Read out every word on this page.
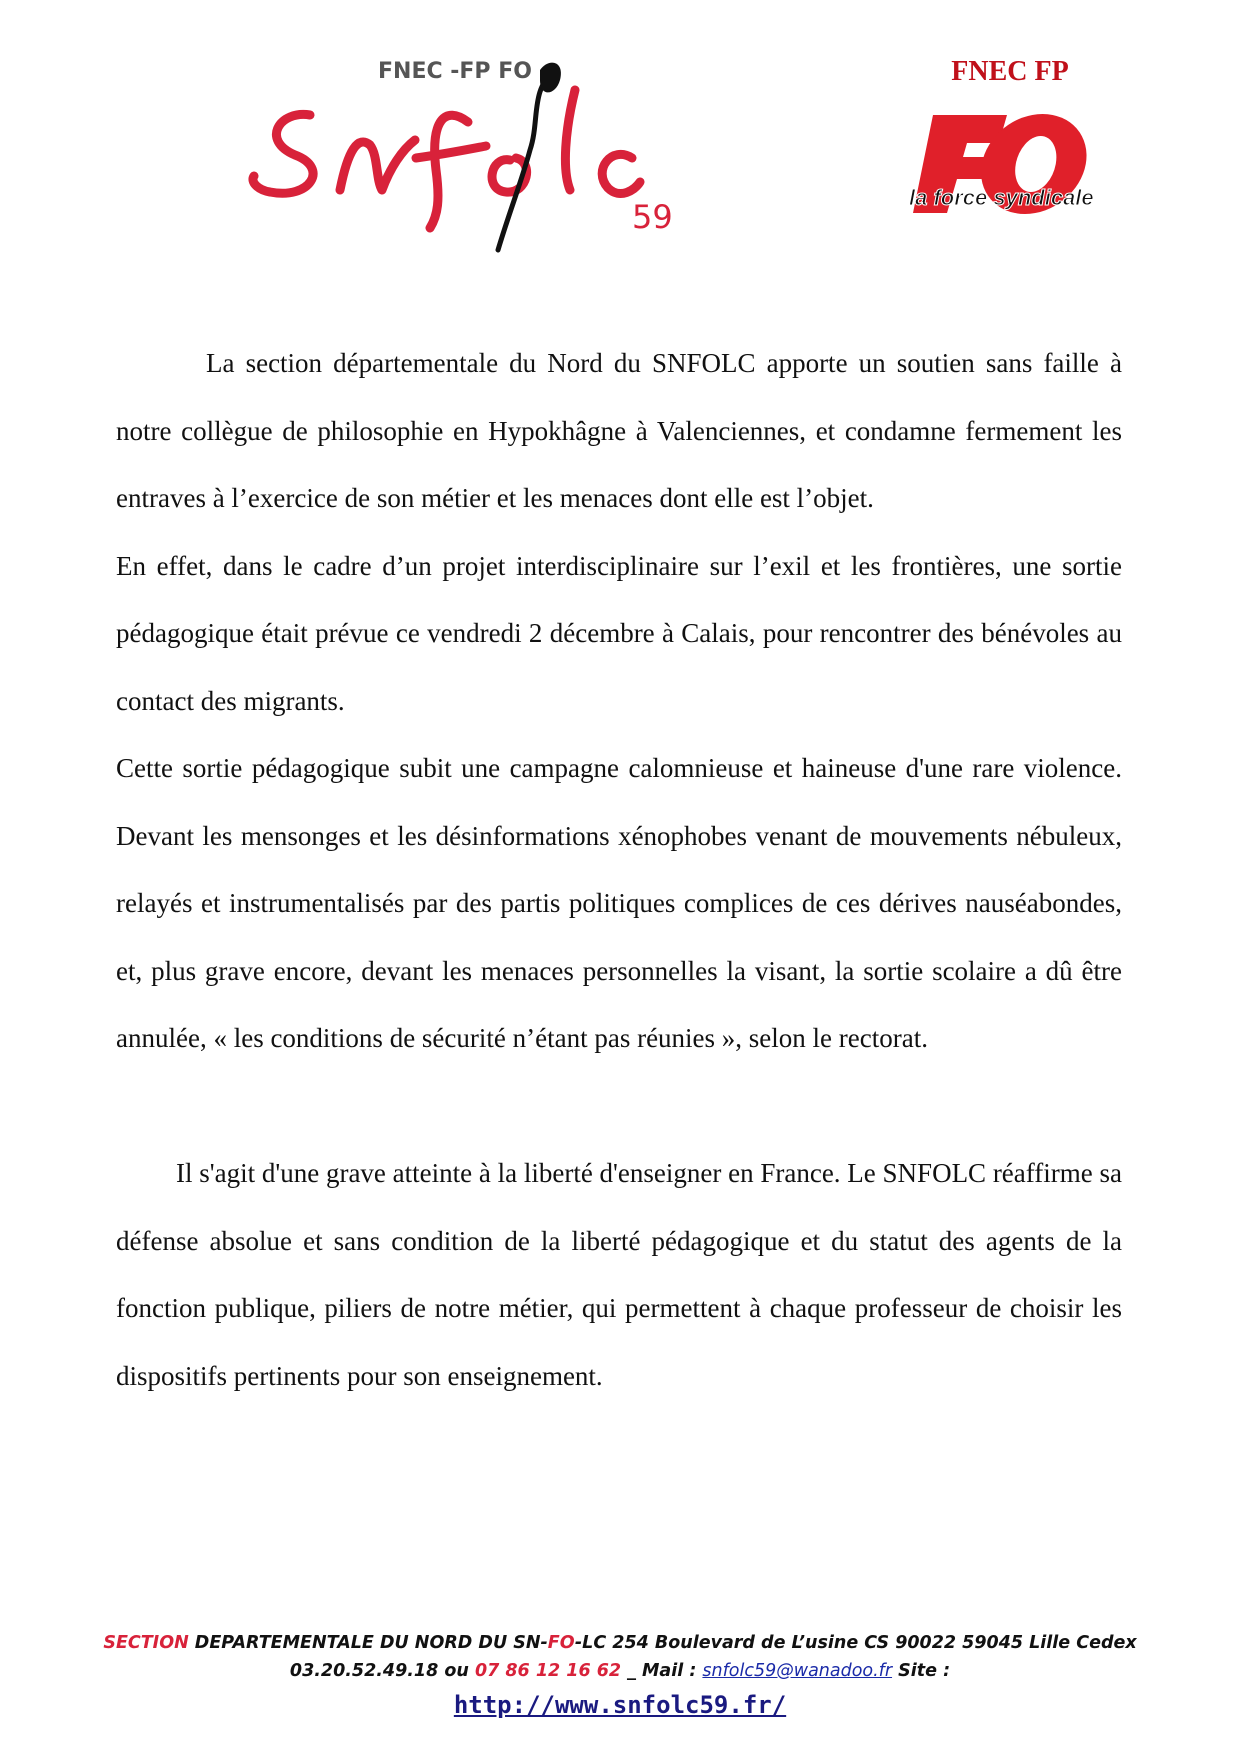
FNEC -FP FO
59
FNEC FP
la force syndicale

La section départementale du Nord du SNFOLC apporte un soutien sans faille à notre collègue de philosophie en Hypokhâgne à Valenciennes, et condamne fermement les entraves à l’exercice de son métier et les menaces dont elle est l’objet.

En effet, dans le cadre d’un projet interdisciplinaire sur l’exil et les frontières, une sortie pédagogique était prévue ce vendredi 2 décembre à Calais, pour rencontrer des bénévoles au contact des migrants.

Cette sortie pédagogique subit une campagne calomnieuse et haineuse d'une rare violence. Devant les mensonges et les désinformations xénophobes venant de mouvements nébuleux, relayés et instrumentalisés par des partis politiques complices de ces dérives nauséabondes, et, plus grave encore, devant les menaces personnelles la visant, la sortie scolaire a dû être annulée, « les conditions de sécurité n’étant pas réunies », selon le rectorat.

Il s'agit d'une grave atteinte à la liberté d'enseigner en France. Le SNFOLC réaffirme sa défense absolue et sans condition de la liberté pédagogique et du statut des agents de la fonction publique, piliers de notre métier, qui permettent à chaque professeur de choisir les dispositifs pertinents pour son enseignement.

SECTION DEPARTEMENTALE DU NORD DU SN-FO-LC 254 Boulevard de L’usine CS 90022 59045 Lille Cedex 03.20.52.49.18 ou 07 86 12 16 62 _ Mail : snfolc59@wanadoo.fr Site :
http://www.snfolc59.fr/
